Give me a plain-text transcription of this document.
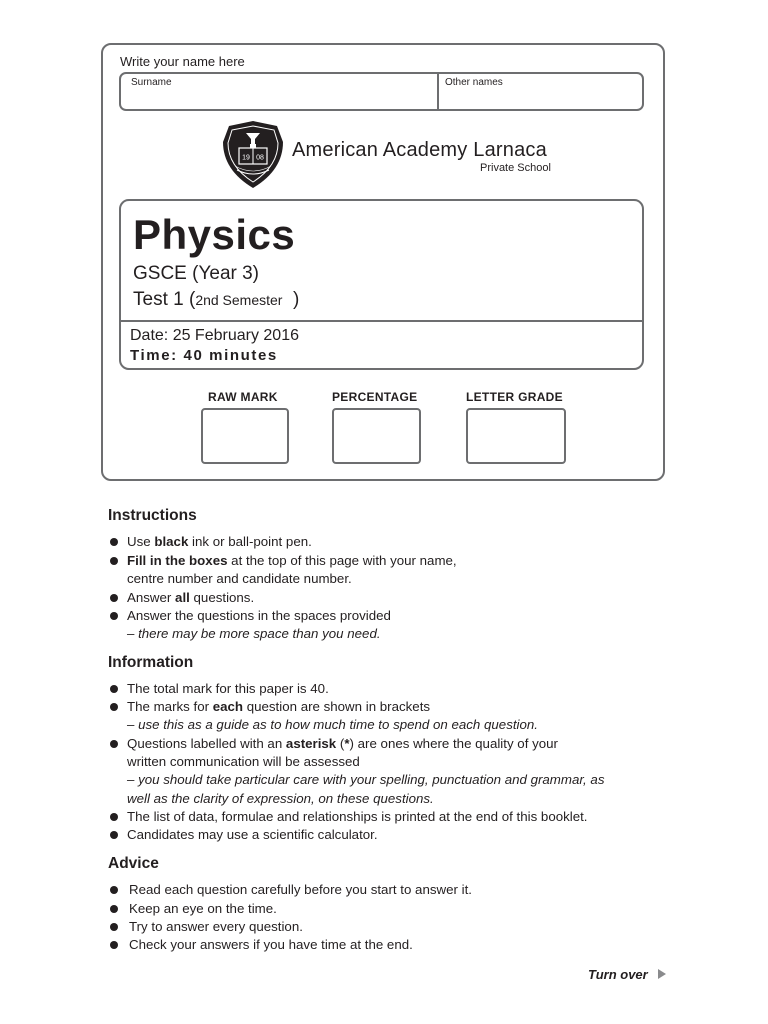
Write your name here
Surname	Other names
19 08 American Academy Larnaca
Private School
Physics
GSCE (Year 3)
Test 1 (2nd Semester )
Date: 25 February 2016
Time: 40 minutes
RAW MARK	PERCENTAGE	LETTER GRADE
Instructions
Use black ink or ball-point pen.
Fill in the boxes at the top of this page with your name,
centre number and candidate number.
Answer all questions.
Answer the questions in the spaces provided
– there may be more space than you need.
Information
The total mark for this paper is 40.
The marks for each question are shown in brackets
– use this as a guide as to how much time to spend on each question.
Questions labelled with an asterisk (*) are ones where the quality of your
written communication will be assessed
– you should take particular care with your spelling, punctuation and grammar, as
well as the clarity of expression, on these questions.
The list of data, formulae and relationships is printed at the end of this booklet.
Candidates may use a scientific calculator.
Advice
Read each question carefully before you start to answer it.
Keep an eye on the time.
Try to answer every question.
Check your answers if you have time at the end.
Turn over
